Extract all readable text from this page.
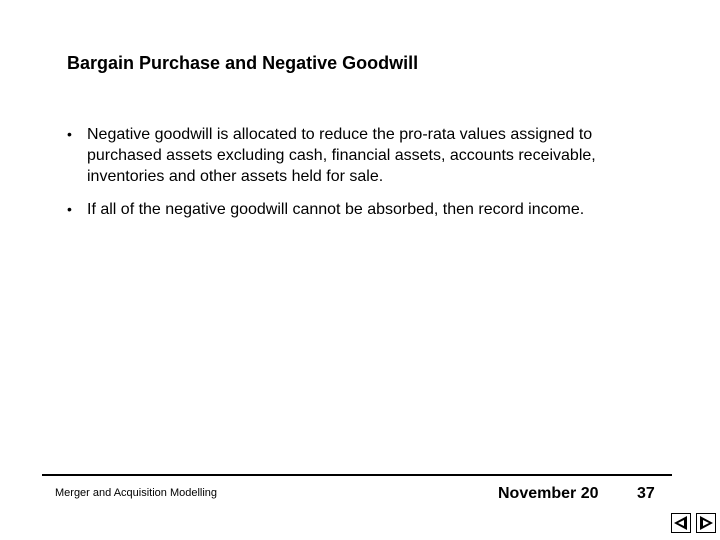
Bargain Purchase and Negative Goodwill
• Negative goodwill is allocated to reduce the pro-rata values assigned to purchased assets excluding cash, financial assets, accounts receivable, inventories and other assets held for sale.
• If all of the negative goodwill cannot be absorbed, then record income.
Merger and Acquisition Modelling	November 20 37
